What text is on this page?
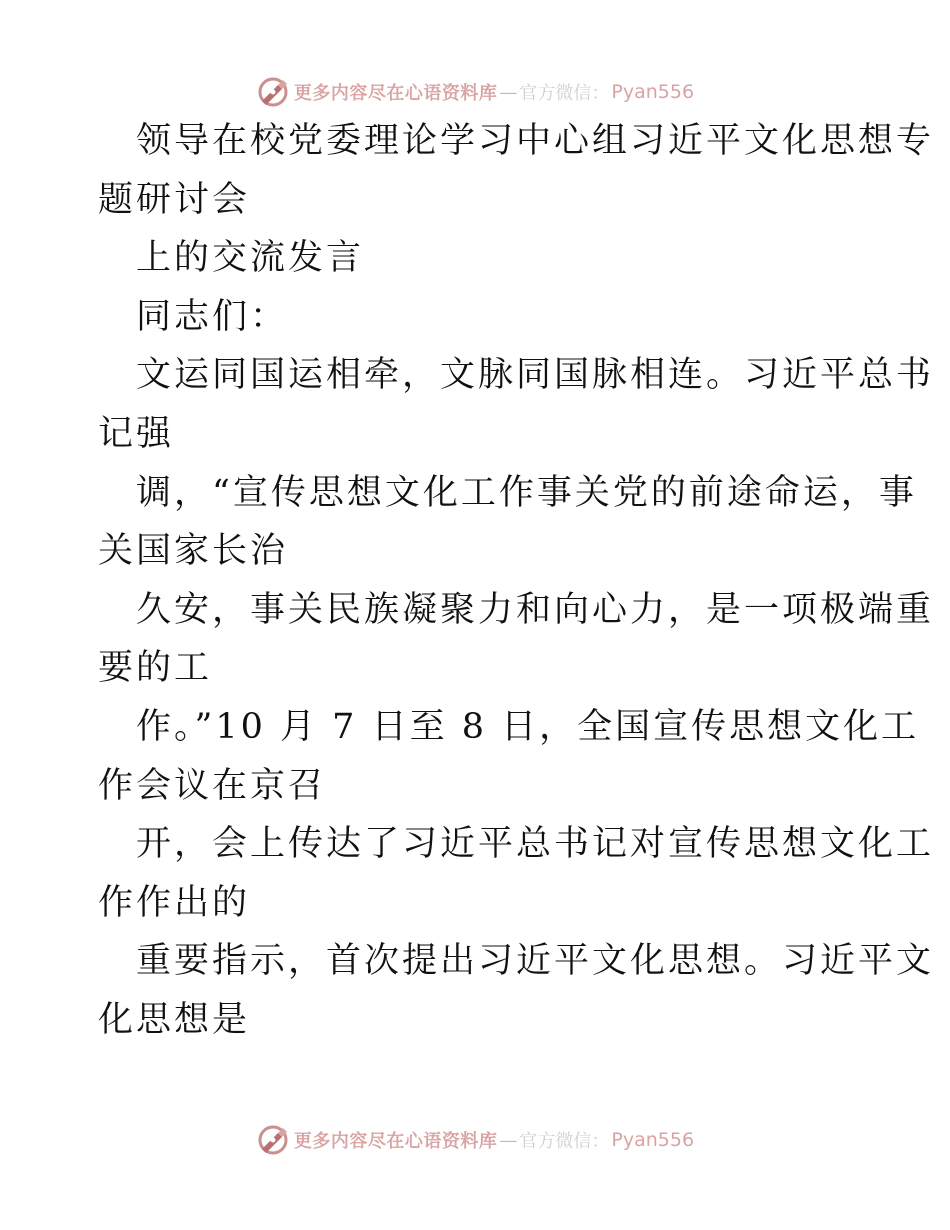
更多内容尽在心语资料库 — 官方微信： Pyan556
领导在校党委理论学习中心组习近平文化思想专
题研讨会
上的交流发言
同志们：
文运同国运相牵，文脉同国脉相连。习近平总书
记强
调，“宣传思想文化工作事关党的前途命运，事
关国家长治
久安，事关民族凝聚力和向心力，是一项极端重
要的工
作。”10 月 7 日至 8 日，全国宣传思想文化工
作会议在京召
开，会上传达了习近平总书记对宣传思想文化工
作作出的
重要指示，首次提出习近平文化思想。习近平文
化思想是
更多内容尽在心语资料库 — 官方微信： Pyan556
